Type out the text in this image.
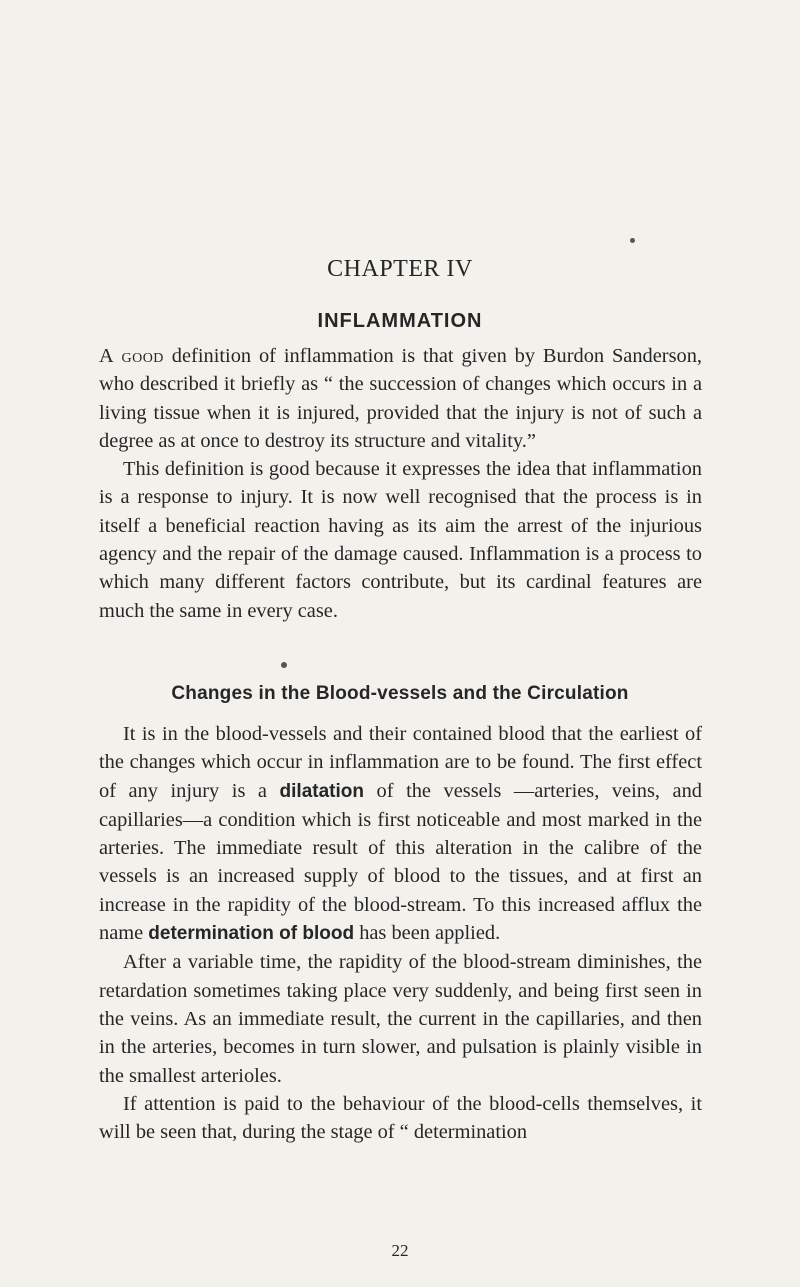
CHAPTER IV
INFLAMMATION

A good definition of inflammation is that given by Burdon Sanderson, who described it briefly as “ the succession of changes which occurs in a living tissue when it is injured, provided that the injury is not of such a degree as at once to destroy its structure and vitality.”

This definition is good because it expresses the idea that inflammation is a response to injury. It is now well recognised that the process is in itself a beneficial reaction having as its aim the arrest of the injurious agency and the repair of the damage caused. Inflammation is a process to which many different factors contribute, but its cardinal features are much the same in every case.

Changes in the Blood-vessels and the Circulation

It is in the blood-vessels and their contained blood that the earliest of the changes which occur in inflammation are to be found. The first effect of any injury is a dilatation of the vessels —arteries, veins, and capillaries—a condition which is first noticeable and most marked in the arteries. The immediate result of this alteration in the calibre of the vessels is an increased supply of blood to the tissues, and at first an increase in the rapidity of the blood-stream. To this increased afflux the name determination of blood has been applied.

After a variable time, the rapidity of the blood-stream diminishes, the retardation sometimes taking place very suddenly, and being first seen in the veins. As an immediate result, the current in the capillaries, and then in the arteries, becomes in turn slower, and pulsation is plainly visible in the smallest arterioles.

If attention is paid to the behaviour of the blood-cells themselves, it will be seen that, during the stage of “ determination

22
